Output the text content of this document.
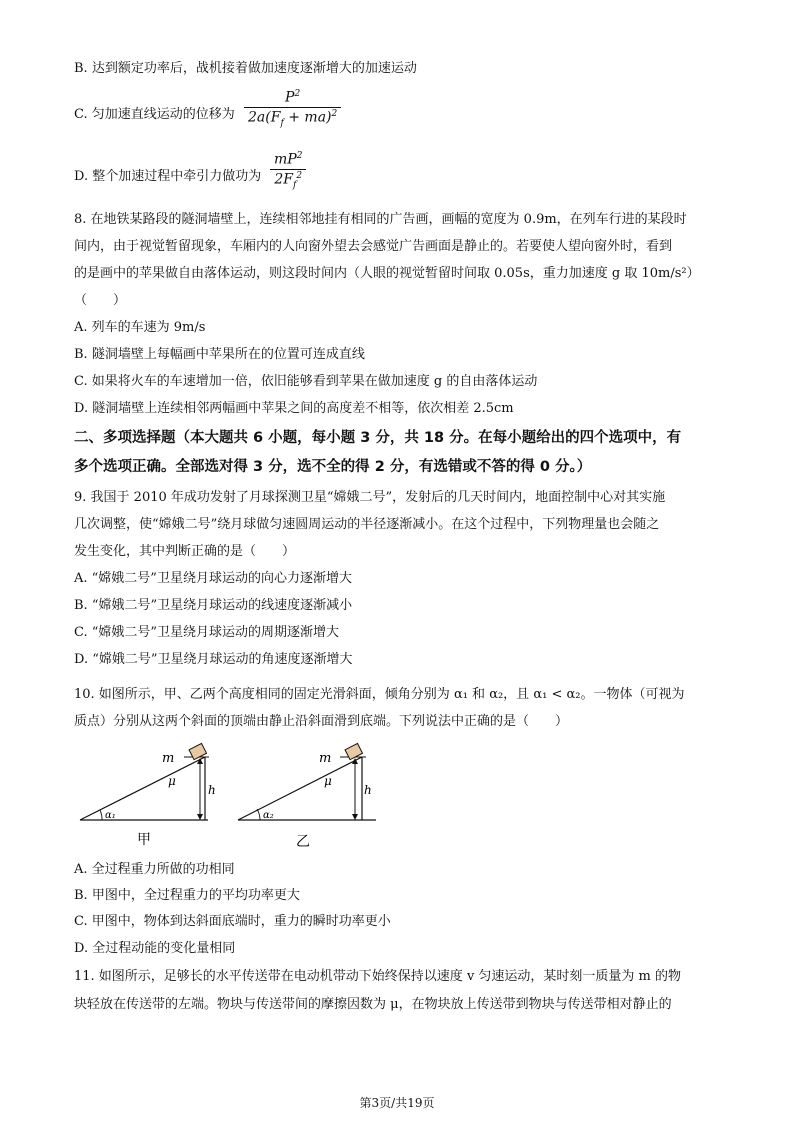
B. 达到额定功率后，战机接着做加速度逐渐增大的加速运动
C. 匀加速直线运动的位移为
$P^2$
$2a(F_f + ma)^2$
D. 整个加速过程中牵引力做功为
$mP^2$
$2F_f^2$
8. 在地铁某路段的隧洞墙壁上，连续相邻地挂有相同的广告画，画幅的宽度为 0.9m，在列车行进的某段时
间内，由于视觉暂留现象，车厢内的人向窗外望去会感觉广告画面是静止的。若要使人望向窗外时，看到
的是画中的苹果做自由落体运动，则这段时间内（人眼的视觉暂留时间取 0.05s，重力加速度 g 取 10m/s²）
（　　）
A. 列车的车速为 9m/s
B. 隧洞墙壁上每幅画中苹果所在的位置可连成直线
C. 如果将火车的车速增加一倍，依旧能够看到苹果在做加速度 g 的自由落体运动
D. 隧洞墙壁上连续相邻两幅画中苹果之间的高度差不相等，依次相差 2.5cm
二、多项选择题（本大题共 6 小题，每小题 3 分，共 18 分。在每小题给出的四个选项中，有
多个选项正确。全部选对得 3 分，选不全的得 2 分，有选错或不答的得 0 分。）
9. 我国于 2010 年成功发射了月球探测卫星“嫦娥二号”，发射后的几天时间内，地面控制中心对其实施
几次调整，使“嫦娥二号”绕月球做匀速圆周运动的半径逐渐减小。在这个过程中，下列物理量也会随之
发生变化，其中判断正确的是（　　）
A. “嫦娥二号”卫星绕月球运动的向心力逐渐增大
B. “嫦娥二号”卫星绕月球运动的线速度逐渐减小
C. “嫦娥二号”卫星绕月球运动的周期逐渐增大
D. “嫦娥二号”卫星绕月球运动的角速度逐渐增大
10. 如图所示，甲、乙两个高度相同的固定光滑斜面，倾角分别为 α₁ 和 α₂，且 α₁ < α₂。一物体（可视为
质点）分别从这两个斜面的顶端由静止沿斜面滑到底端。下列说法中正确的是（　　）
m
μ
h
α₁
甲
m
μ
h
α₂
乙
A. 全过程重力所做的功相同
B. 甲图中，全过程重力的平均功率更大
C. 甲图中，物体到达斜面底端时，重力的瞬时功率更小
D. 全过程动能的变化量相同
11. 如图所示，足够长的水平传送带在电动机带动下始终保持以速度 v 匀速运动，某时刻一质量为 m 的物
块轻放在传送带的左端。物块与传送带间的摩擦因数为 μ，在物块放上传送带到物块与传送带相对静止的
第3页/共19页
